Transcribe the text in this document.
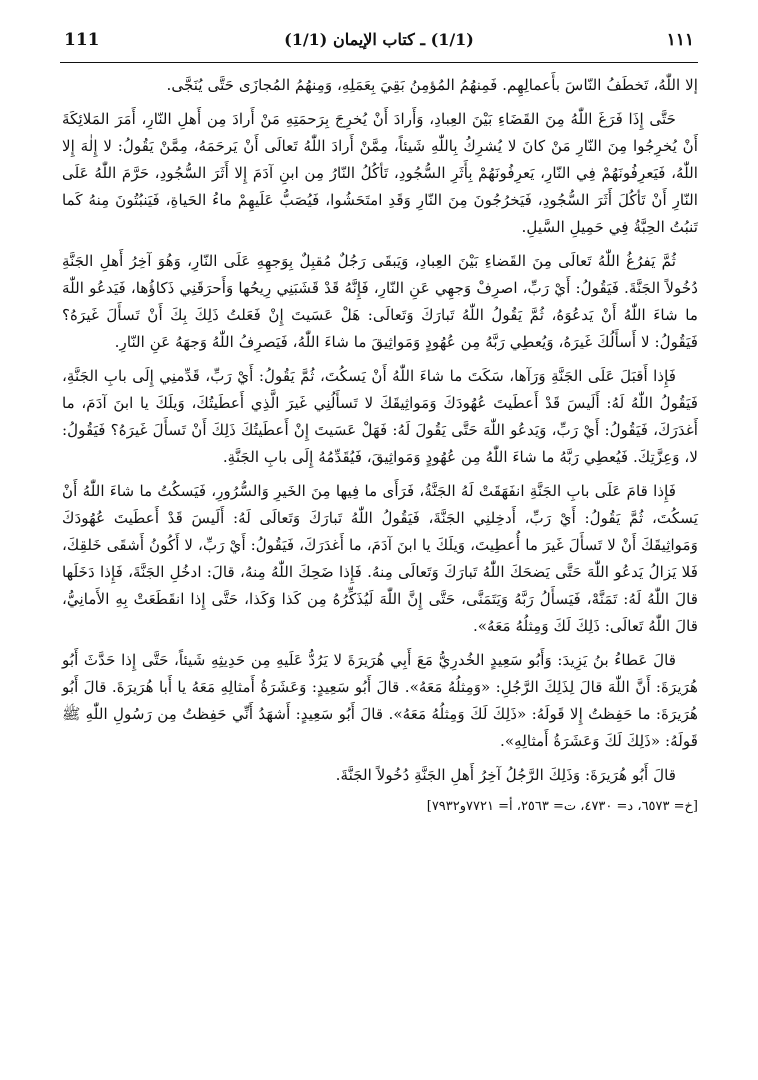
١١١
(1/1) ـ كتاب الإيمان (1/1)
111

إلا اللّٰهُ، تَخطَفُ النّاسَ بأَعمالِهِم. فَمِنهُمُ المُؤمِنُ بَقِيَ بِعَمَلِهِ، وَمِنهُمُ المُجازَى حَتَّى يُنَجَّى.

حَتَّى إِذَا فَرَغَ اللّٰهُ مِنَ القَضَاءِ بَيْنَ العِبادِ، وَأَرادَ أَنْ يُخرِجَ بِرَحمَتِهِ مَنْ أَرادَ مِن أَهلِ النّارِ، أَمَرَ المَلائِكَةَ أَنْ يُخرِجُوا مِنَ النّارِ مَنْ كانَ لا يُشرِكُ بِاللّٰهِ شَيئاً، مِمَّنْ أَرادَ اللّٰهُ تَعالَى أَنْ يَرحَمَهُ، مِمَّنْ يَقُولُ: لا إِلٰهَ إِلا اللّٰهُ، فَيَعرِفُونَهُمْ فِي النّارِ، يَعرِفُونَهُمْ بِأَثَرِ السُّجُودِ، تَأكُلُ النّارُ مِن ابنِ آدَمَ إِلا أَثَرَ السُّجُودِ، حَرَّمَ اللّٰهُ عَلَى النّارِ أَنْ تَأكُلَ أَثَرَ السُّجُودِ، فَيَخرُجُونَ مِنَ النّارِ وَقَدِ امتَحَشُوا، فَيُصَبُّ عَلَيهِمْ ماءُ الحَياةِ، فَيَنبُتُونَ مِنهُ كَما تَنبُتُ الحِبَّةُ فِي حَمِيلِ السَّيلِ.

ثُمَّ يَفرُغُ اللّٰهُ تَعالَى مِنَ القَضاءِ بَيْنَ العِبادِ، وَيَبقَى رَجُلٌ مُقبِلٌ بِوَجهِهِ عَلَى النّارِ، وَهُوَ آخِرُ أَهلِ الجَنَّةِ دُخُولاً الجَنَّةَ. فَيَقُولُ: أَيْ رَبِّ، اصرِفْ وَجهِي عَنِ النّارِ، فَإِنَّهُ قَدْ قَشَبَنِي رِيحُها وَأَحرَقَنِي ذَكاؤُها، فَيَدعُو اللّٰهَ ما شاءَ اللّٰهُ أَنْ يَدعُوَهُ، ثُمَّ يَقُولُ اللّٰهُ تَبارَكَ وَتَعالَى: هَلْ عَسَيتَ إِنْ فَعَلتُ ذَلِكَ بِكَ أَنْ تَسأَلَ غَيرَهُ؟ فَيَقُولُ: لا أَسأَلُكَ غَيرَهُ، وَيُعطِي رَبَّهُ مِن عُهُودٍ وَمَواثِيقَ ما شاءَ اللّٰهُ، فَيَصرِفُ اللّٰهُ وَجهَهُ عَنِ النّارِ.

فَإِذا أَقبَلَ عَلَى الجَنَّةِ وَرَآها، سَكَتَ ما شاءَ اللّٰهُ أَنْ يَسكُتَ، ثُمَّ يَقُولُ: أَيْ رَبِّ، قَدِّمنِي إِلَى بابِ الجَنَّةِ، فَيَقُولُ اللّٰهُ لَهُ: أَلَيسَ قَدْ أَعطَيتَ عُهُودَكَ وَمَواثِيقَكَ لا تَسأَلُنِي غَيرَ الَّذِي أَعطَيتُكَ، وَيلَكَ يا ابنَ آدَمَ، ما أَغدَرَكَ، فَيَقُولُ: أَيْ رَبِّ، وَيَدعُو اللّٰهَ حَتَّى يَقُولَ لَهُ: فَهَلْ عَسَيتَ إِنْ أَعطَيتُكَ ذَلِكَ أَنْ تَسأَلَ غَيرَهُ؟ فَيَقُولُ: لا، وَعِزَّتِكَ. فَيُعطِي رَبَّهُ ما شاءَ اللّٰهُ مِن عُهُودٍ وَمَواثِيقَ، فَيُقَدِّمُهُ إِلَى بابِ الجَنَّةِ.

فَإِذا قامَ عَلَى بابِ الجَنَّةِ انفَهَقَتْ لَهُ الجَنَّةُ، فَرَأَى ما فِيها مِنَ الخَيرِ وَالسُّرُورِ، فَيَسكُتُ ما شاءَ اللّٰهُ أَنْ يَسكُتَ، ثُمَّ يَقُولُ: أَيْ رَبِّ، أَدخِلنِي الجَنَّةَ، فَيَقُولُ اللّٰهُ تَبارَكَ وَتَعالَى لَهُ: أَلَيسَ قَدْ أَعطَيتَ عُهُودَكَ وَمَواثِيقَكَ أَنْ لا تَسأَلَ غَيرَ ما أُعطِيتَ، وَيلَكَ يا ابنَ آدَمَ، ما أَغدَرَكَ، فَيَقُولُ: أَيْ رَبِّ، لا أَكُونُ أَشقَى خَلقِكَ، فَلا يَزالُ يَدعُو اللّٰهَ حَتَّى يَضحَكَ اللّٰهُ تَبارَكَ وَتَعالَى مِنهُ. فَإِذا ضَحِكَ اللّٰهُ مِنهُ، قالَ: ادخُلِ الجَنَّةَ، فَإِذا دَخَلَها قالَ اللّٰهُ لَهُ: تَمَنَّهْ، فَيَسأَلُ رَبَّهُ وَيَتَمَنَّى، حَتَّى إِنَّ اللّٰهَ لَيُذَكِّرُهُ مِن كَذا وَكَذا، حَتَّى إِذا انقَطَعَتْ بِهِ الأَمانِيُّ، قالَ اللّٰهُ تَعالَى: ذَلِكَ لَكَ وَمِثلُهُ مَعَهُ».

قالَ عَطاءُ بنُ يَزِيدَ: وَأَبُو سَعِيدٍ الخُدرِيُّ مَعَ أَبِي هُرَيرَةَ لا يَرُدُّ عَلَيهِ مِن حَدِيثِهِ شَيئاً، حَتَّى إِذا حَدَّثَ أَبُو هُرَيرَةَ: أَنَّ اللّٰهَ قالَ لِذَلِكَ الرَّجُلِ: «وَمِثلُهُ مَعَهُ». قالَ أَبُو سَعِيدٍ: وَعَشَرَةُ أَمثالِهِ مَعَهُ يا أَبا هُرَيرَةَ. قالَ أَبُو هُرَيرَةَ: ما حَفِظتُ إِلا قَولَهُ: «ذَلِكَ لَكَ وَمِثلُهُ مَعَهُ». قالَ أَبُو سَعِيدٍ: أَشهَدُ أَنِّي حَفِظتُ مِن رَسُولِ اللّٰهِ ﷺ قَولَهُ: «ذَلِكَ لَكَ وَعَشَرَةُ أَمثالِهِ».

قالَ أَبُو هُرَيرَةَ: وَذَلِكَ الرَّجُلُ آخِرُ أَهلِ الجَنَّةِ دُخُولاً الجَنَّةَ.

[خ= ٦٥٧٣، د= ٤٧٣٠، ت= ٢٥٦٣، أ= ٧٧٢١و٧٩٣٢]
